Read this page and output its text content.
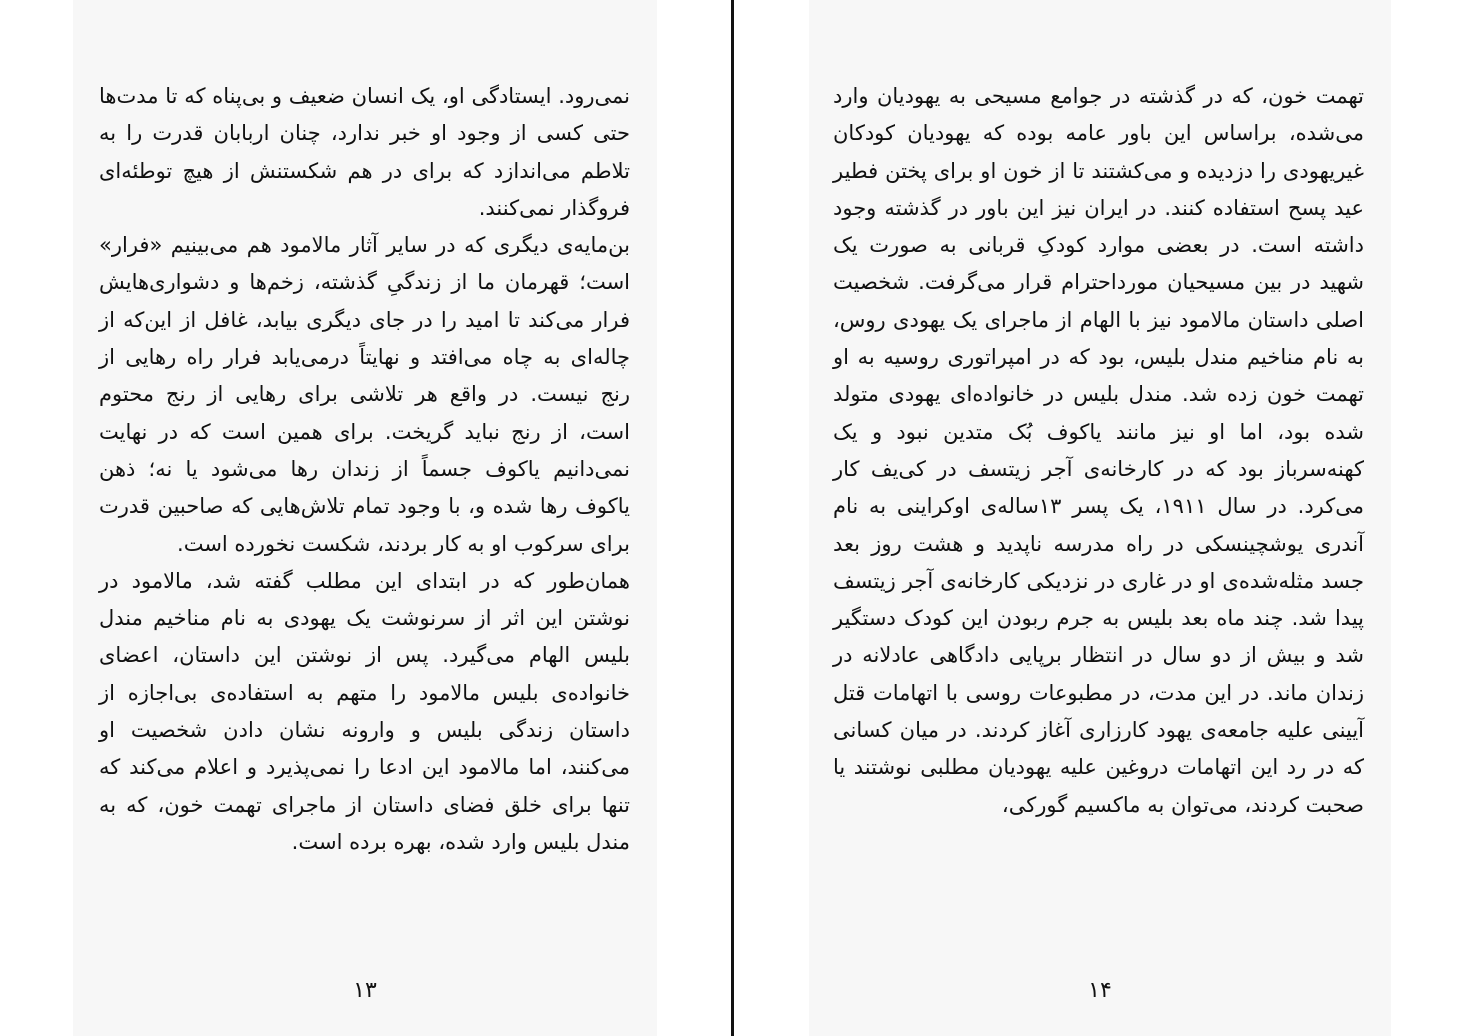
نمی‌رود. ایستادگی او، یک انسان ضعیف و بی‌پناه که تا مدت‌ها حتی کسی از وجود او خبر ندارد، چنان اربابان قدرت را به تلاطم می‌اندازد که برای در هم شکستنش از هیچ توطئه‌ای فروگذار نمی‌کنند.

بن‌مایه‌ی دیگری که در سایر آثار مالامود هم می‌بینیم «فرار» است؛ قهرمان ما از زندگیِ گذشته، زخم‌ها و دشواری‌هایش فرار می‌کند تا امید را در جای دیگری بیابد، غافل از این‌که از چاله‌ای به چاه می‌افتد و نهایتاً درمی‌یابد فرار راه رهایی از رنج نیست. در واقع هر تلاشی برای رهایی از رنج محتوم است، از رنج نباید گریخت. برای همین است که در نهایت نمی‌دانیم یاکوف جسماً از زندان رها می‌شود یا نه؛ ذهن یاکوف رها شده و، با وجود تمام تلاش‌هایی که صاحبین قدرت برای سرکوب او به کار بردند، شکست نخورده است.

همان‌طور که در ابتدای این مطلب گفته شد، مالامود در نوشتن این اثر از سرنوشت یک یهودی به نام مناخیم مندل بلیس الهام می‌گیرد. پس از نوشتن این داستان، اعضای خانواده‌ی بلیس مالامود را متهم به استفاده‌ی بی‌اجازه از داستان زندگی بلیس و وارونه نشان دادن شخصیت او می‌کنند، اما مالامود این ادعا را نمی‌پذیرد و اعلام می‌کند که تنها برای خلق فضای داستان از ماجرای تهمت خون، که به مندل بلیس وارد شده، بهره برده است.

۱۳

تهمت خون، که در گذشته در جوامع مسیحی به یهودیان وارد می‌شده، براساس این باور عامه بوده که یهودیان کودکان غیریهودی را دزدیده و می‌کشتند تا از خون او برای پختن فطیر عید پسح استفاده کنند. در ایران نیز این باور در گذشته وجود داشته است. در بعضی موارد کودکِ قربانی به صورت یک شهید در بین مسیحیان مورداحترام قرار می‌گرفت. شخصیت اصلی داستان مالامود نیز با الهام از ماجرای یک یهودی روس، به نام مناخیم مندل بلیس، بود که در امپراتوری روسیه به او تهمت خون زده شد. مندل بلیس در خانواده‌ای یهودی متولد شده بود، اما او نیز مانند یاکوف بُک متدین نبود و یک کهنه‌سرباز بود که در کارخانه‌ی آجر زیتسف در کی‌یف کار می‌کرد. در سال ۱۹۱۱، یک پسر ۱۳ساله‌ی اوکراینی به نام آندری یوشچینسکی در راه مدرسه ناپدید و هشت روز بعد جسد مثله‌شده‌ی او در غاری در نزدیکی کارخانه‌ی آجر زیتسف پیدا شد. چند ماه بعد بلیس به جرم ربودن این کودک دستگیر شد و بیش از دو سال در انتظار برپایی دادگاهی عادلانه در زندان ماند. در این مدت، در مطبوعات روسی با اتهامات قتل آیینی علیه جامعه‌ی یهود کارزاری آغاز کردند. در میان کسانی که در رد این اتهامات دروغین علیه یهودیان مطلبی نوشتند یا صحبت کردند، می‌توان به ماکسیم گورکی،

۱۴
